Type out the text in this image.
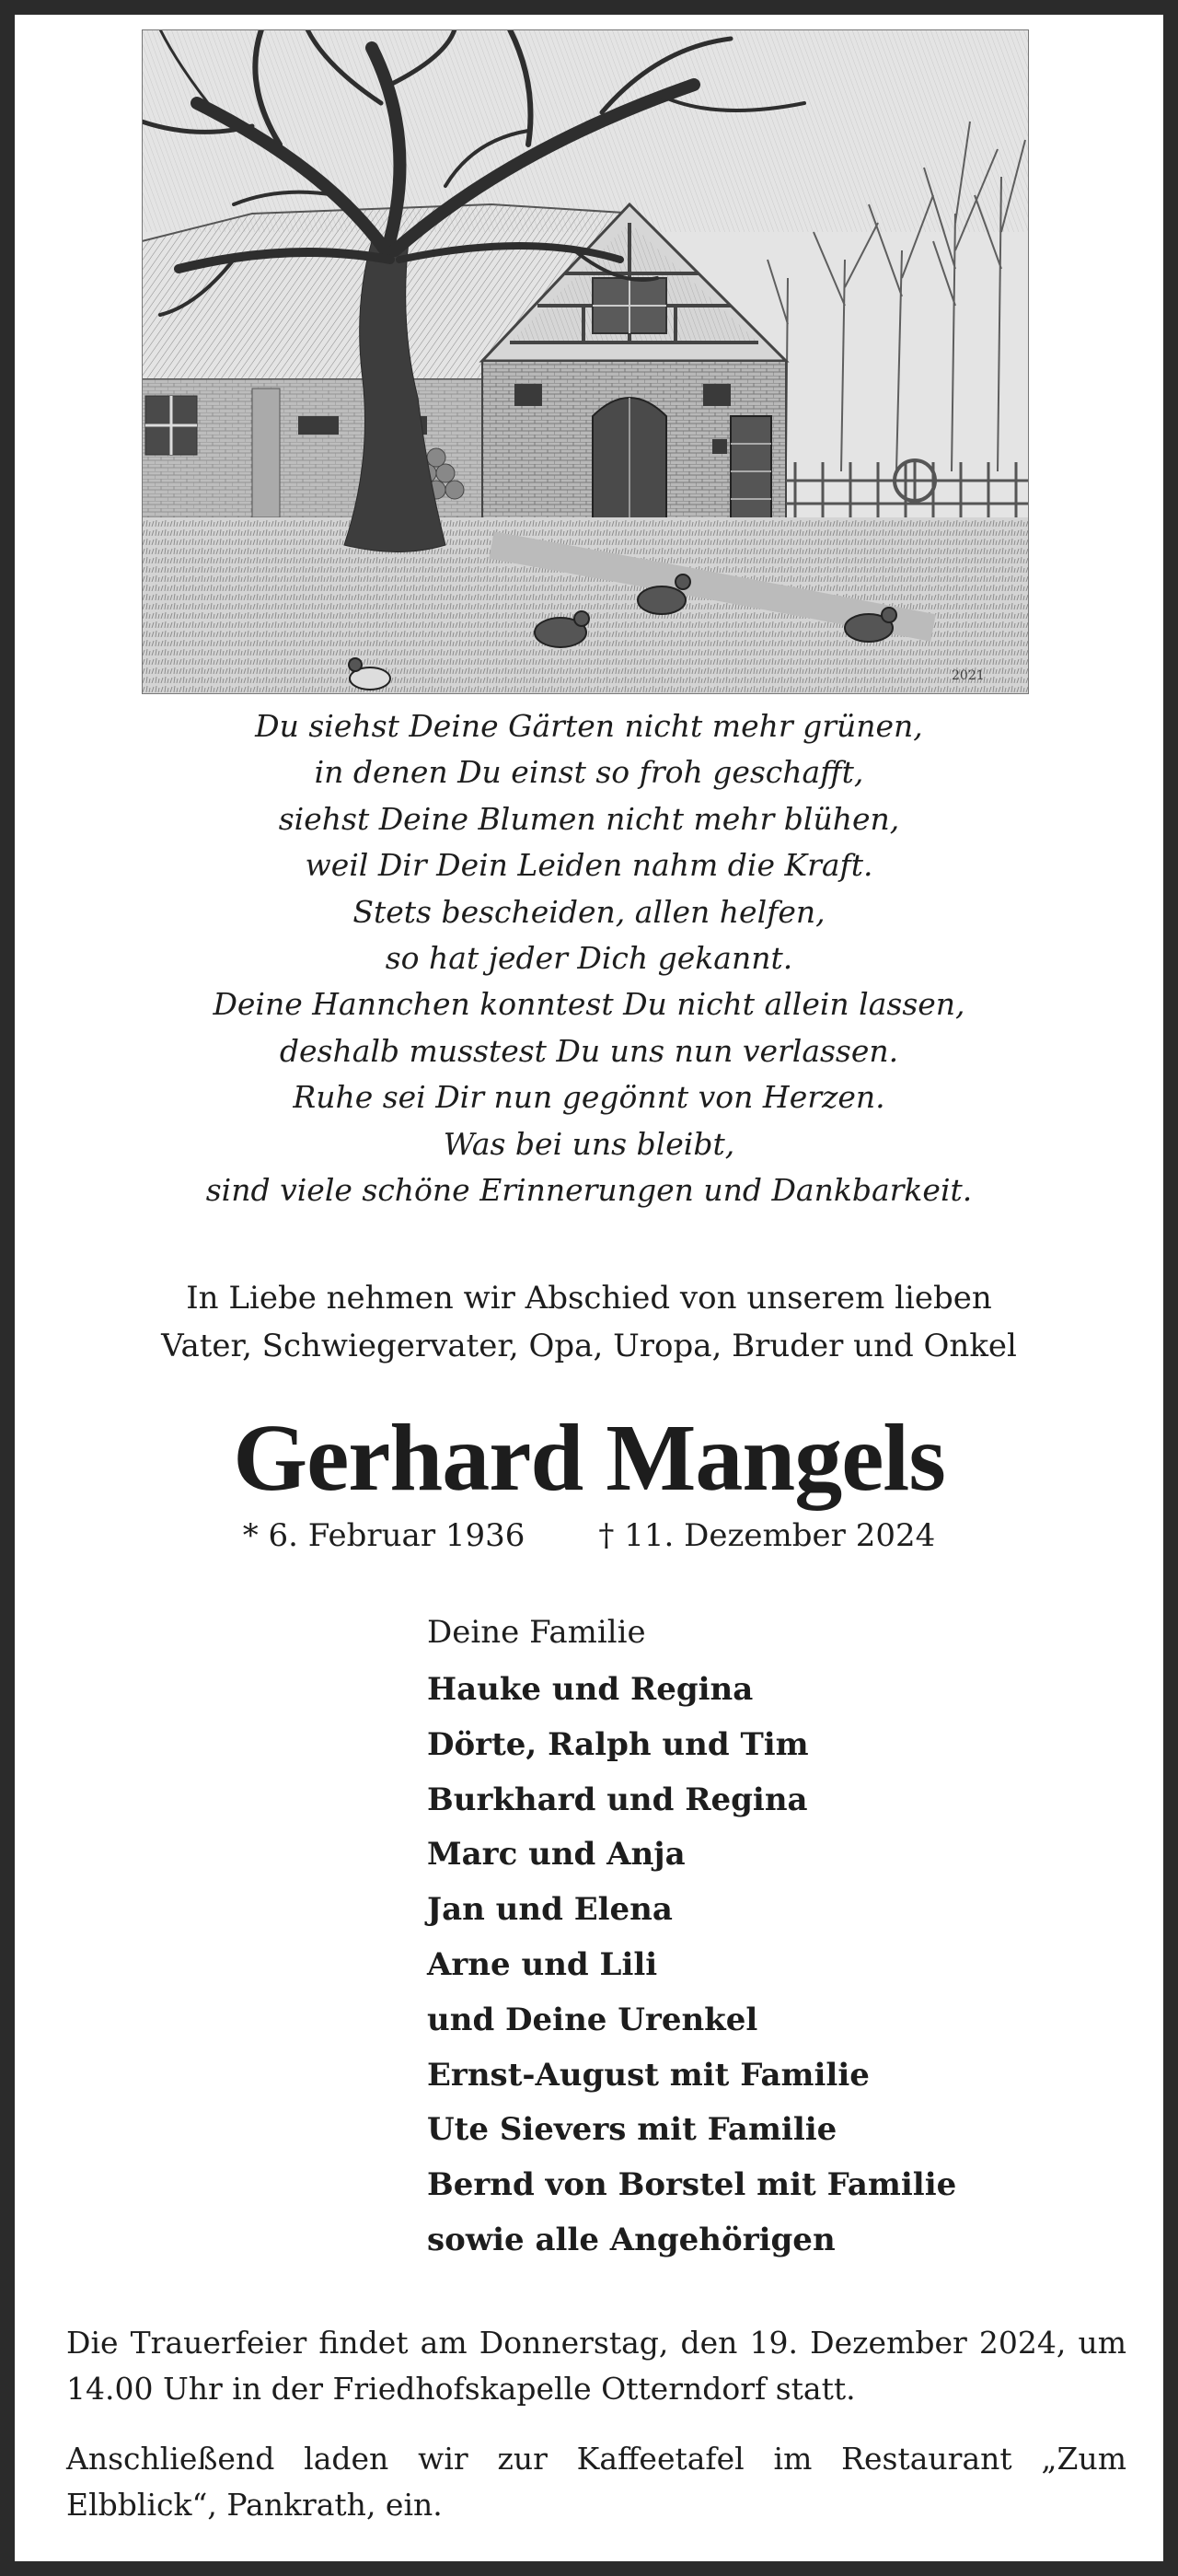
2021
Du siehst Deine Gärten nicht mehr grünen,
in denen Du einst so froh geschafft,
siehst Deine Blumen nicht mehr blühen,
weil Dir Dein Leiden nahm die Kraft.
Stets bescheiden, allen helfen,
so hat jeder Dich gekannt.
Deine Hannchen konntest Du nicht allein lassen,
deshalb musstest Du uns nun verlassen.
Ruhe sei Dir nun gegönnt von Herzen.
Was bei uns bleibt,
sind viele schöne Erinnerungen und Dankbarkeit.
In Liebe nehmen wir Abschied von unserem lieben
Vater, Schwiegervater, Opa, Uropa, Bruder und Onkel
Gerhard Mangels
* 6. Februar 1936 † 11. Dezember 2024
Deine Familie
Hauke und Regina
Dörte, Ralph und Tim
Burkhard und Regina
Marc und Anja
Jan und Elena
Arne und Lili
und Deine Urenkel
Ernst-August mit Familie
Ute Sievers mit Familie
Bernd von Borstel mit Familie
sowie alle Angehörigen
Die Trauerfeier findet am Donnerstag, den 19. Dezember 2024, um 14.00 Uhr in der Friedhofskapelle Otterndorf statt.
Anschließend laden wir zur Kaffeetafel im Restaurant „Zum Elbblick“, Pankrath, ein.
